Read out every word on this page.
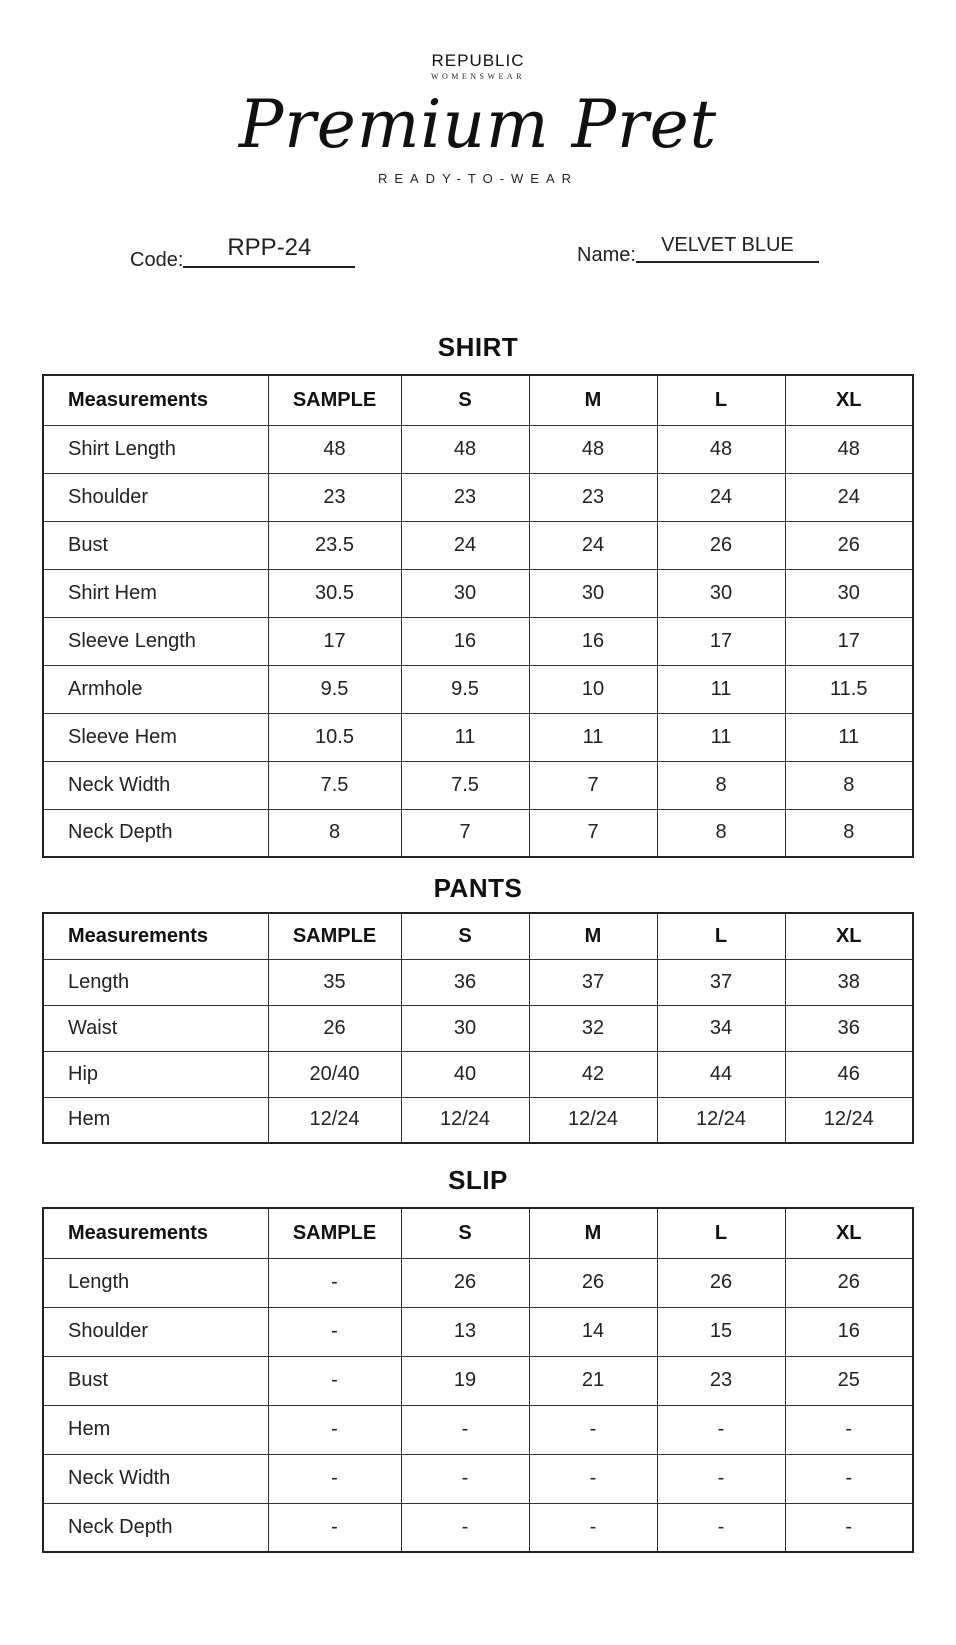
REPUBLIC
WOMENSWEAR
Premium Pret
READY-TO-WEAR
Code: RPP-24	Name: VELVET BLUE
SHIRT
Measurements	SAMPLE	S	M	L	XL
Shirt Length	48	48	48	48	48
Shoulder	23	23	23	24	24
Bust	23.5	24	24	26	26
Shirt Hem	30.5	30	30	30	30
Sleeve Length	17	16	16	17	17
Armhole	9.5	9.5	10	11	11.5
Sleeve Hem	10.5	11	11	11	11
Neck Width	7.5	7.5	7	8	8
Neck Depth	8	7	7	8	8
PANTS
Measurements	SAMPLE	S	M	L	XL
Length	35	36	37	37	38
Waist	26	30	32	34	36
Hip	20/40	40	42	44	46
Hem	12/24	12/24	12/24	12/24	12/24
SLIP
Measurements	SAMPLE	S	M	L	XL
Length	-	26	26	26	26
Shoulder	-	13	14	15	16
Bust	-	19	21	23	25
Hem	-	-	-	-	-
Neck Width	-	-	-	-	-
Neck Depth	-	-	-	-	-
